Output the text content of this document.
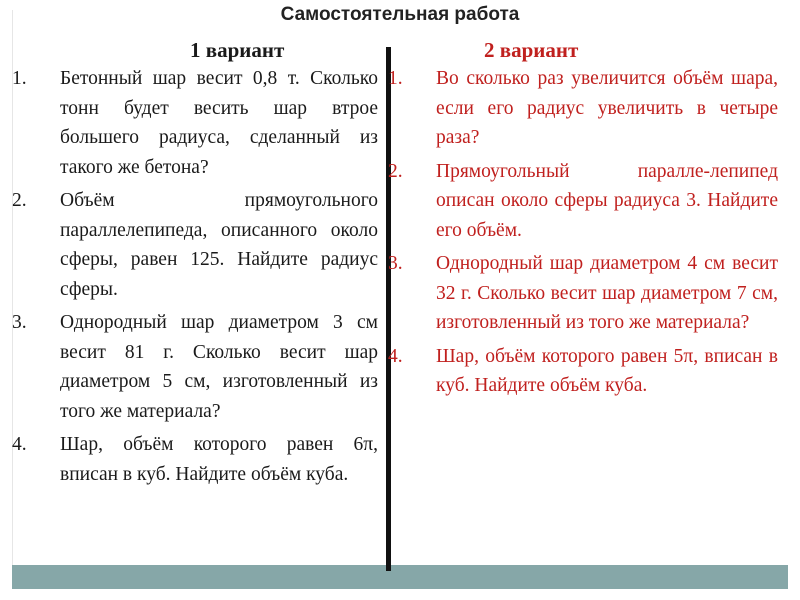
Самостоятельная работа
1 вариант	2 вариант
1. Бетонный шар весит 0,8 т. Сколько тонн будет весить шар втрое большего радиуса, сделанный из такого же бетона?
2. Объём прямоугольного параллелепипеда, описанного около сферы, равен 125. Найдите радиус сферы.
3. Однородный шар диаметром 3 см весит 81 г. Сколько весит шар диаметром 5 см, изготовленный из того же материала?
4. Шар, объём которого равен 6π, вписан в куб. Найдите объём куба.
1. Во сколько раз увеличится объём шара, если его радиус увеличить в четыре раза?
2. Прямоугольный паралле-лепипед описан около сферы радиуса 3. Найдите его объём.
3. Однородный шар диаметром 4 см весит 32 г. Сколько весит шар диаметром 7 см, изготовленный из того же материала?
4. Шар, объём которого равен 5π, вписан в куб. Найдите объём куба.
